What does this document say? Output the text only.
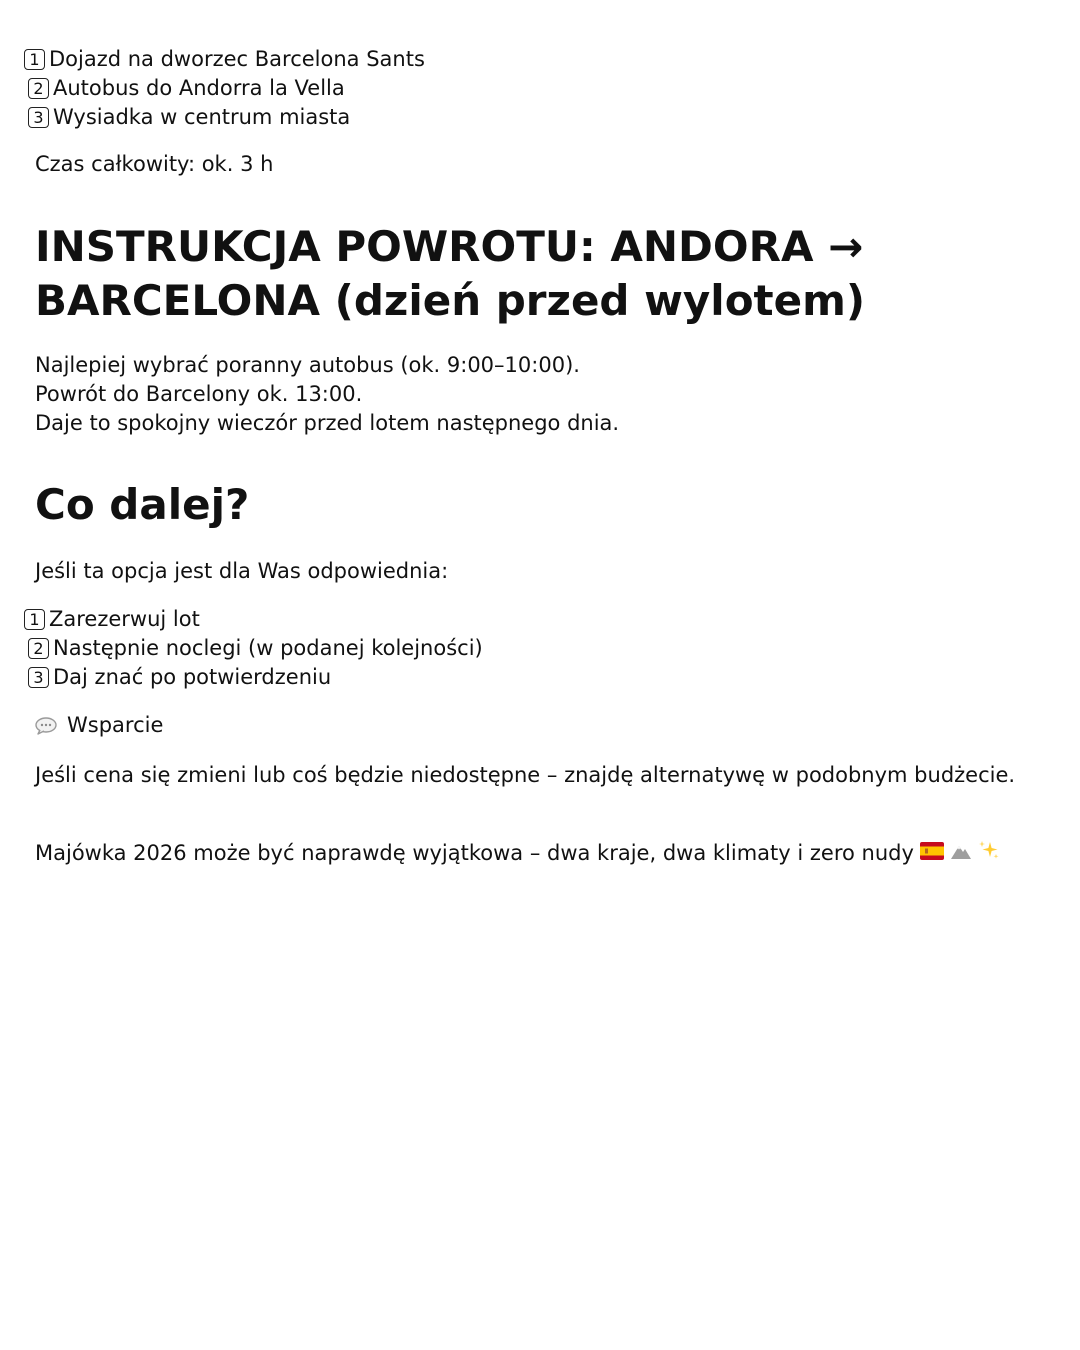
1 Dojazd na dworzec Barcelona Sants
2 Autobus do Andorra la Vella
3 Wysiadka w centrum miasta
Czas całkowity: ok. 3 h
INSTRUKCJA POWROTU: ANDORA →
BARCELONA (dzień przed wylotem)
Najlepiej wybrać poranny autobus (ok. 9:00–10:00).
Powrót do Barcelony ok. 13:00.
Daje to spokojny wieczór przed lotem następnego dnia.
Co dalej?
Jeśli ta opcja jest dla Was odpowiednia:
1 Zarezerwuj lot
2 Następnie noclegi (w podanej kolejności)
3 Daj znać po potwierdzeniu
Wsparcie
Jeśli cena się zmieni lub coś będzie niedostępne – znajdę alternatywę w podobnym budżecie.
Majówka 2026 może być naprawdę wyjątkowa – dwa kraje, dwa klimaty i zero nudy
